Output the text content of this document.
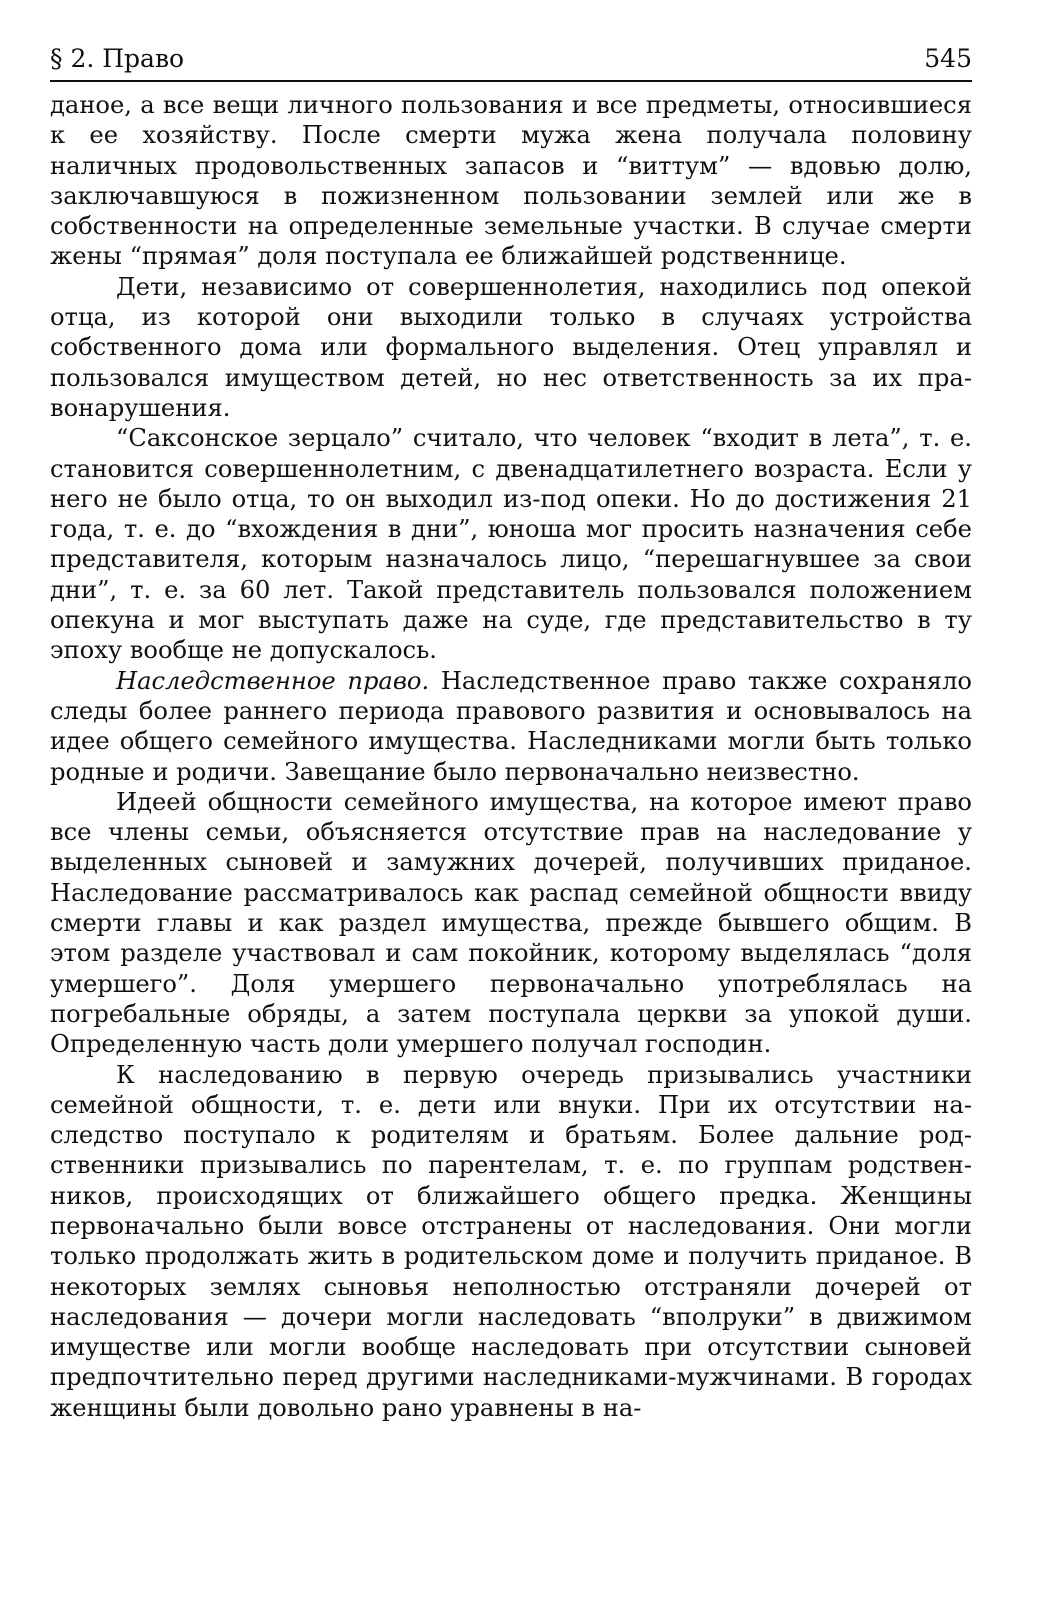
§ 2. Право	545

даное, а все вещи личного пользования и все предметы, относившиеся к ее хозяйству. После смерти мужа жена получала половину наличных продовольственных запасов и “виттум” — вдовью долю, заключавшуюся в пожизненном пользовании землей или же в собственности на определенные земельные участки. В случае смерти жены “прямая” доля поступала ее ближайшей родственнице.

Дети, независимо от совершеннолетия, находились под опекой отца, из которой они выходили только в случаях устройства собственного дома или формального выделения. Отец управлял и пользовался имуществом детей, но нес ответственность за их правонарушения.

“Саксонское зерцало” считало, что человек “входит в лета”, т. е. становится совершеннолетним, с двенадцатилетнего возраста. Если у него не было отца, то он выходил из-под опеки. Но до достижения 21 года, т. е. до “вхождения в дни”, юноша мог просить назначения себе представителя, которым назначалось лицо, “перешагнувшее за свои дни”, т. е. за 60 лет. Такой представитель пользовался положением опекуна и мог выступать даже на суде, где представительство в ту эпоху вообще не допускалось.

Наследственное право. Наследственное право также сохраняло следы более раннего периода правового развития и основывалось на идее общего семейного имущества. Наследниками могли быть только родные и родичи. Завещание было первоначально неизвестно.

Идеей общности семейного имущества, на которое имеют право все члены семьи, объясняется отсутствие прав на наследование у выделенных сыновей и замужних дочерей, получивших приданое. Наследование рассматривалось как распад семейной общности ввиду смерти главы и как раздел имущества, прежде бывшего общим. В этом разделе участвовал и сам покойник, которому выделялась “доля умершего”. Доля умершего первоначально употреблялась на погребальные обряды, а затем поступала церкви за упокой души. Определенную часть доли умершего получал господин.

К наследованию в первую очередь призывались участники семейной общности, т. е. дети или внуки. При их отсутствии наследство поступало к родителям и братьям. Более дальние родственники призывались по парентелам, т. е. по группам родственников, происходящих от ближайшего общего предка. Женщины первоначально были вовсе отстранены от наследования. Они могли только продолжать жить в родительском доме и получить приданое. В некоторых землях сыновья неполностью отстраняли дочерей от наследования — дочери могли наследовать “вполруки” в движимом имуществе или могли вообще наследовать при отсутствии сыновей предпочтительно перед другими наследниками-мужчинами. В городах женщины были довольно рано уравнены в на-
